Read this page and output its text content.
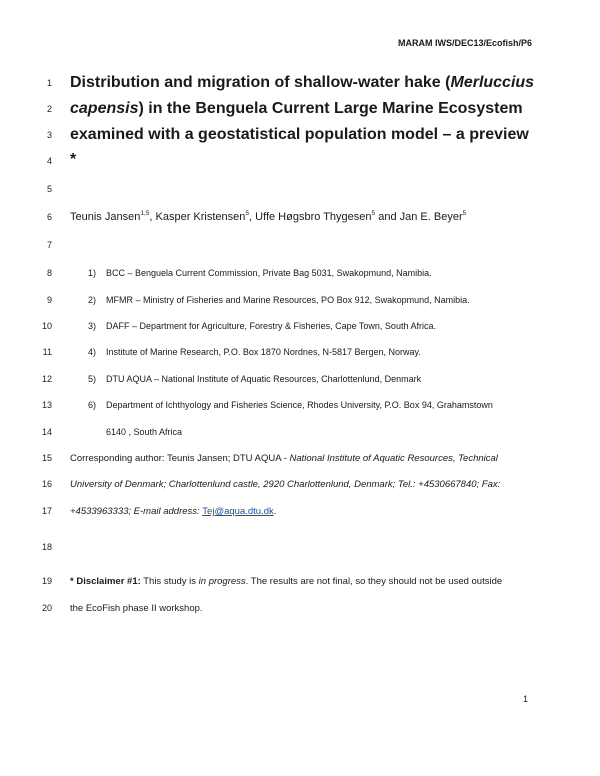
MARAM IWS/DEC13/Ecofish/P6
1
2
3
4
5
6
7
8
9
10
11
12
13
14
15
16
17
18
19
20
Distribution and migration of shallow-water hake (Merluccius
capensis) in the Benguela Current Large Marine Ecosystem
examined with a geostatistical population model – a preview
*
Teunis Jansen$^{1,5}$, Kasper Kristensen$^5$, Uffe Høgsbro Thygesen$^5$ and Jan E. Beyer$^5$
1) BCC – Benguela Current Commission, Private Bag 5031, Swakopmund, Namibia.
2) MFMR – Ministry of Fisheries and Marine Resources, PO Box 912, Swakopmund, Namibia.
3) DAFF – Department for Agriculture, Forestry & Fisheries, Cape Town, South Africa.
4) Institute of Marine Research, P.O. Box 1870 Nordnes, N-5817 Bergen, Norway.
5) DTU AQUA – National Institute of Aquatic Resources, Charlottenlund, Denmark
6) Department of Ichthyology and Fisheries Science, Rhodes University, P.O. Box 94, Grahamstown
6140 , South Africa
Corresponding author: Teunis Jansen; DTU AQUA - National Institute of Aquatic Resources, Technical
University of Denmark; Charlottenlund castle, 2920 Charlottenlund, Denmark; Tel.: +4530667840; Fax:
+4533963333; E-mail address: Tej@aqua.dtu.dk.
* Disclaimer #1: This study is in progress. The results are not final, so they should not be used outside
the EcoFish phase II workshop.
1
